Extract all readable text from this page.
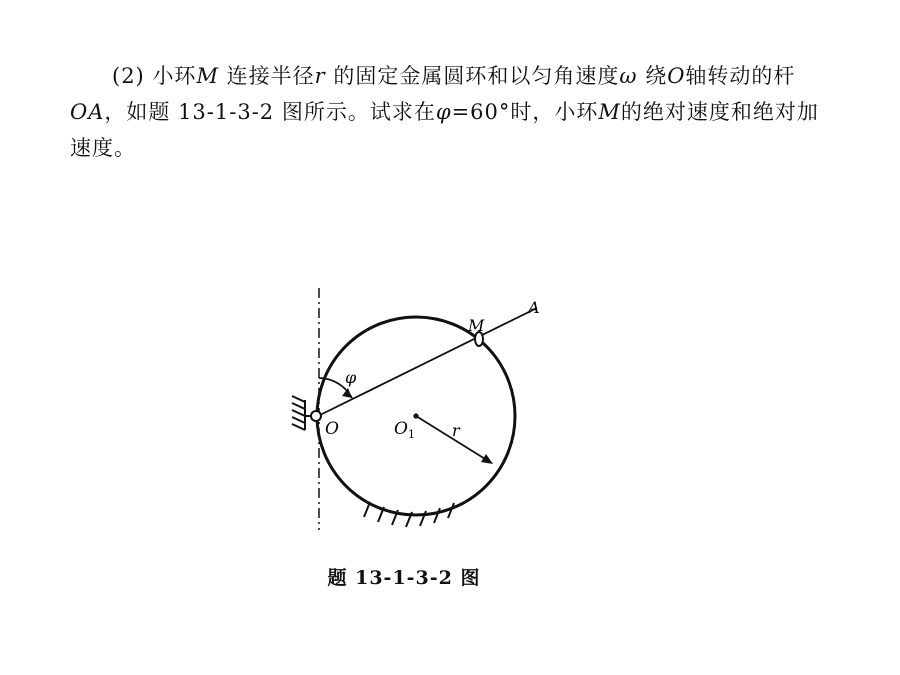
(2) 小环M 连接半径r 的固定金属圆环和以匀角速度ω 绕O轴转动的杆OA，如题 13-1-3-2 图所示。试求在φ=60°时，小环M的绝对速度和绝对加速度。

A
M
φ
O	$O_1$ r
题 13-1-3-2 图
